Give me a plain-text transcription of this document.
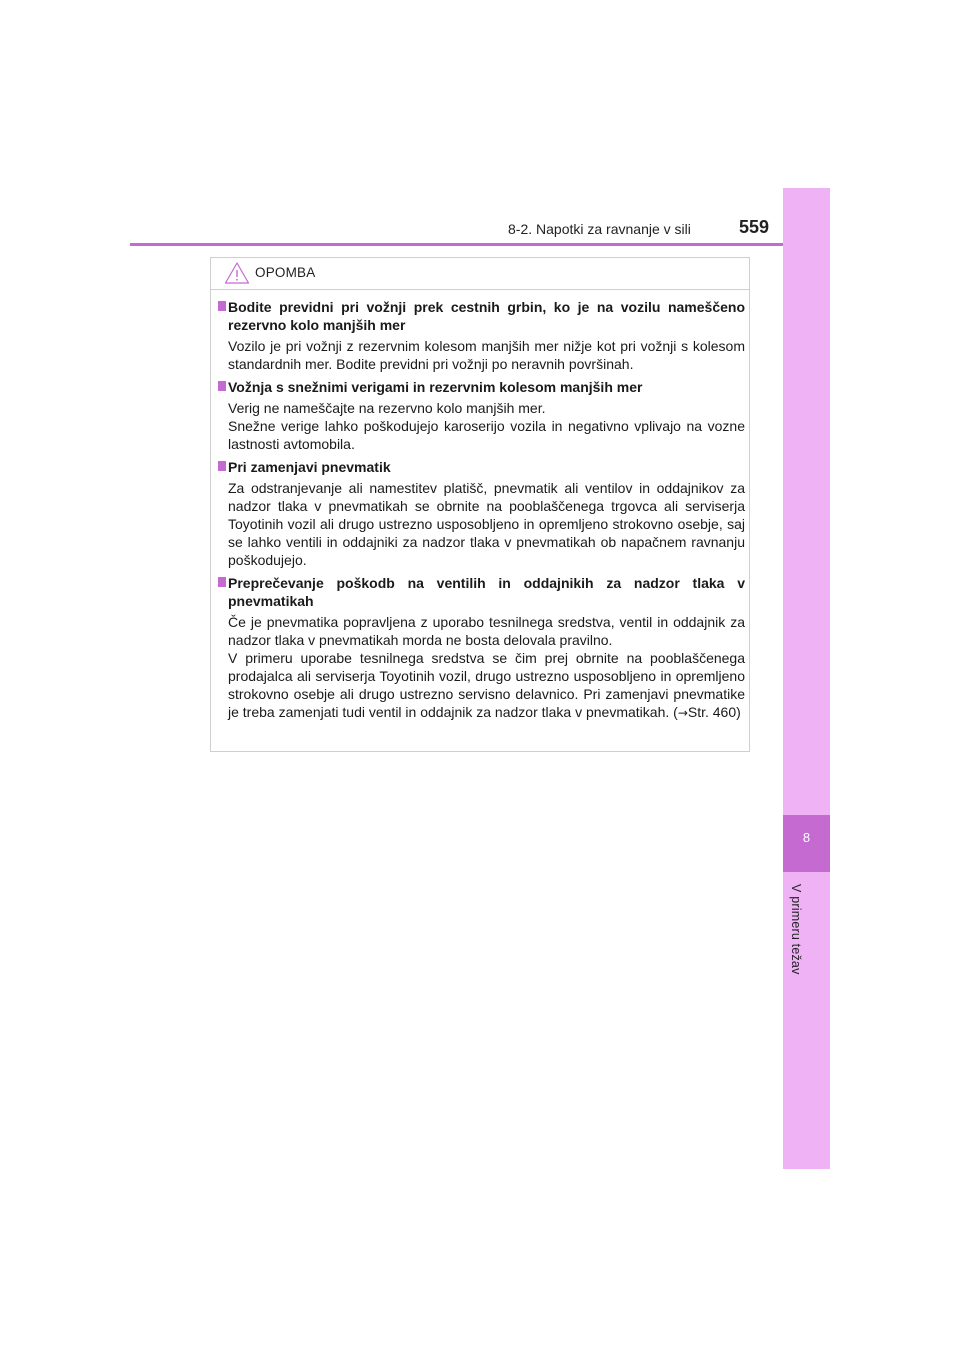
8-2. Napotki za ravnanje v sili	559
8
V primeru težav
OPOMBA
Bodite previdni pri vožnji prek cestnih grbin, ko je na vozilu nameščeno rezervno kolo manjših mer

Vozilo je pri vožnji z rezervnim kolesom manjših mer nižje kot pri vožnji s kolesom standardnih mer. Bodite previdni pri vožnji po neravnih površinah.

Vožnja s snežnimi verigami in rezervnim kolesom manjših mer

Verig ne nameščajte na rezervno kolo manjših mer.

Snežne verige lahko poškodujejo karoserijo vozila in negativno vplivajo na vozne lastnosti avtomobila.

Pri zamenjavi pnevmatik

Za odstranjevanje ali namestitev platišč, pnevmatik ali ventilov in oddajnikov za nadzor tlaka v pnevmatikah se obrnite na pooblaščenega trgovca ali serviserja Toyotinih vozil ali drugo ustrezno usposobljeno in opremljeno strokovno osebje, saj se lahko ventili in oddajniki za nadzor tlaka v pnevmatikah ob napačnem ravnanju poškodujejo.

Preprečevanje poškodb na ventilih in oddajnikih za nadzor tlaka v pnevmatikah

Če je pnevmatika popravljena z uporabo tesnilnega sredstva, ventil in oddajnik za nadzor tlaka v pnevmatikah morda ne bosta delovala pravilno.

V primeru uporabe tesnilnega sredstva se čim prej obrnite na pooblaščenega prodajalca ali serviserja Toyotinih vozil, drugo ustrezno usposobljeno in opremljeno strokovno osebje ali drugo ustrezno servisno delavnico. Pri zamenjavi pnevmatike je treba zamenjati tudi ventil in oddajnik za nadzor tlaka v pnevmatikah. (→Str. 460)
